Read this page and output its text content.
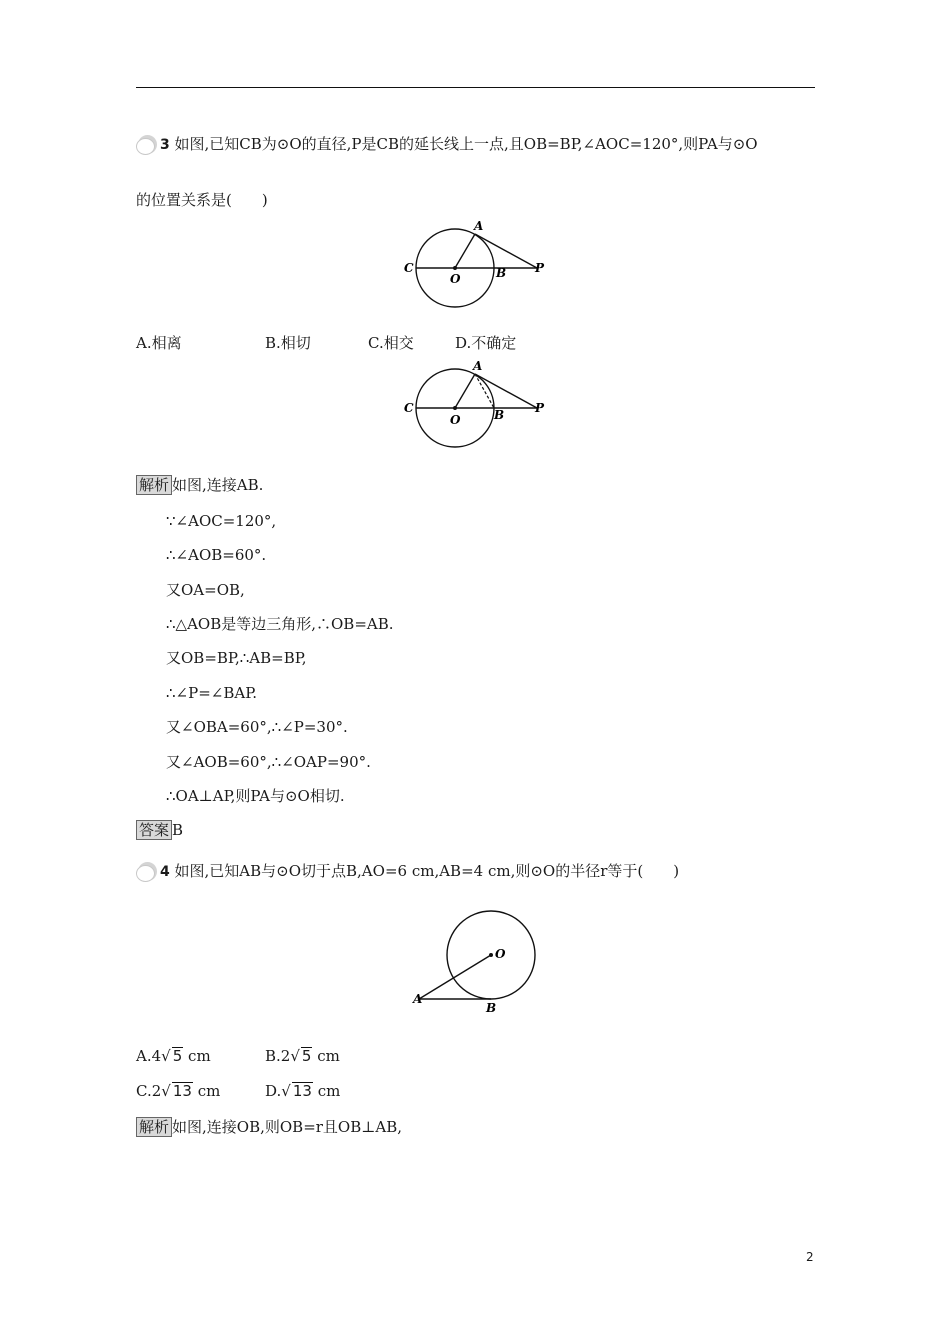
3 如图,已知CB为⊙O的直径,P是CB的延长线上一点,且OB=BP,∠AOC=120°,则PA与⊙O
的位置关系是(　　)
C
O	B
A
P
A.相离	B.相切	C.相交	D.不确定
C
O	B
A
P
解析 如图,连接AB.
∵∠AOC=120°,
∴∠AOB=60°.
又OA=OB,
∴△AOB是等边三角形,∴OB=AB.
又OB=BP,∴AB=BP,
∴∠P=∠BAP.
又∠OBA=60°,∴∠P=30°.
又∠AOB=60°,∴∠OAP=90°.
∴OA⊥AP,则PA与⊙O相切.
答案 B
4 如图,已知AB与⊙O切于点B,AO=6 cm,AB=4 cm,则⊙O的半径r等于(　　)
O
A
B
A.4√ 5 cm	B.2√ 5 cm
C.2√ 13 cm	D.√ 13 cm
解析 如图,连接OB,则OB=r且OB⊥AB,
2
